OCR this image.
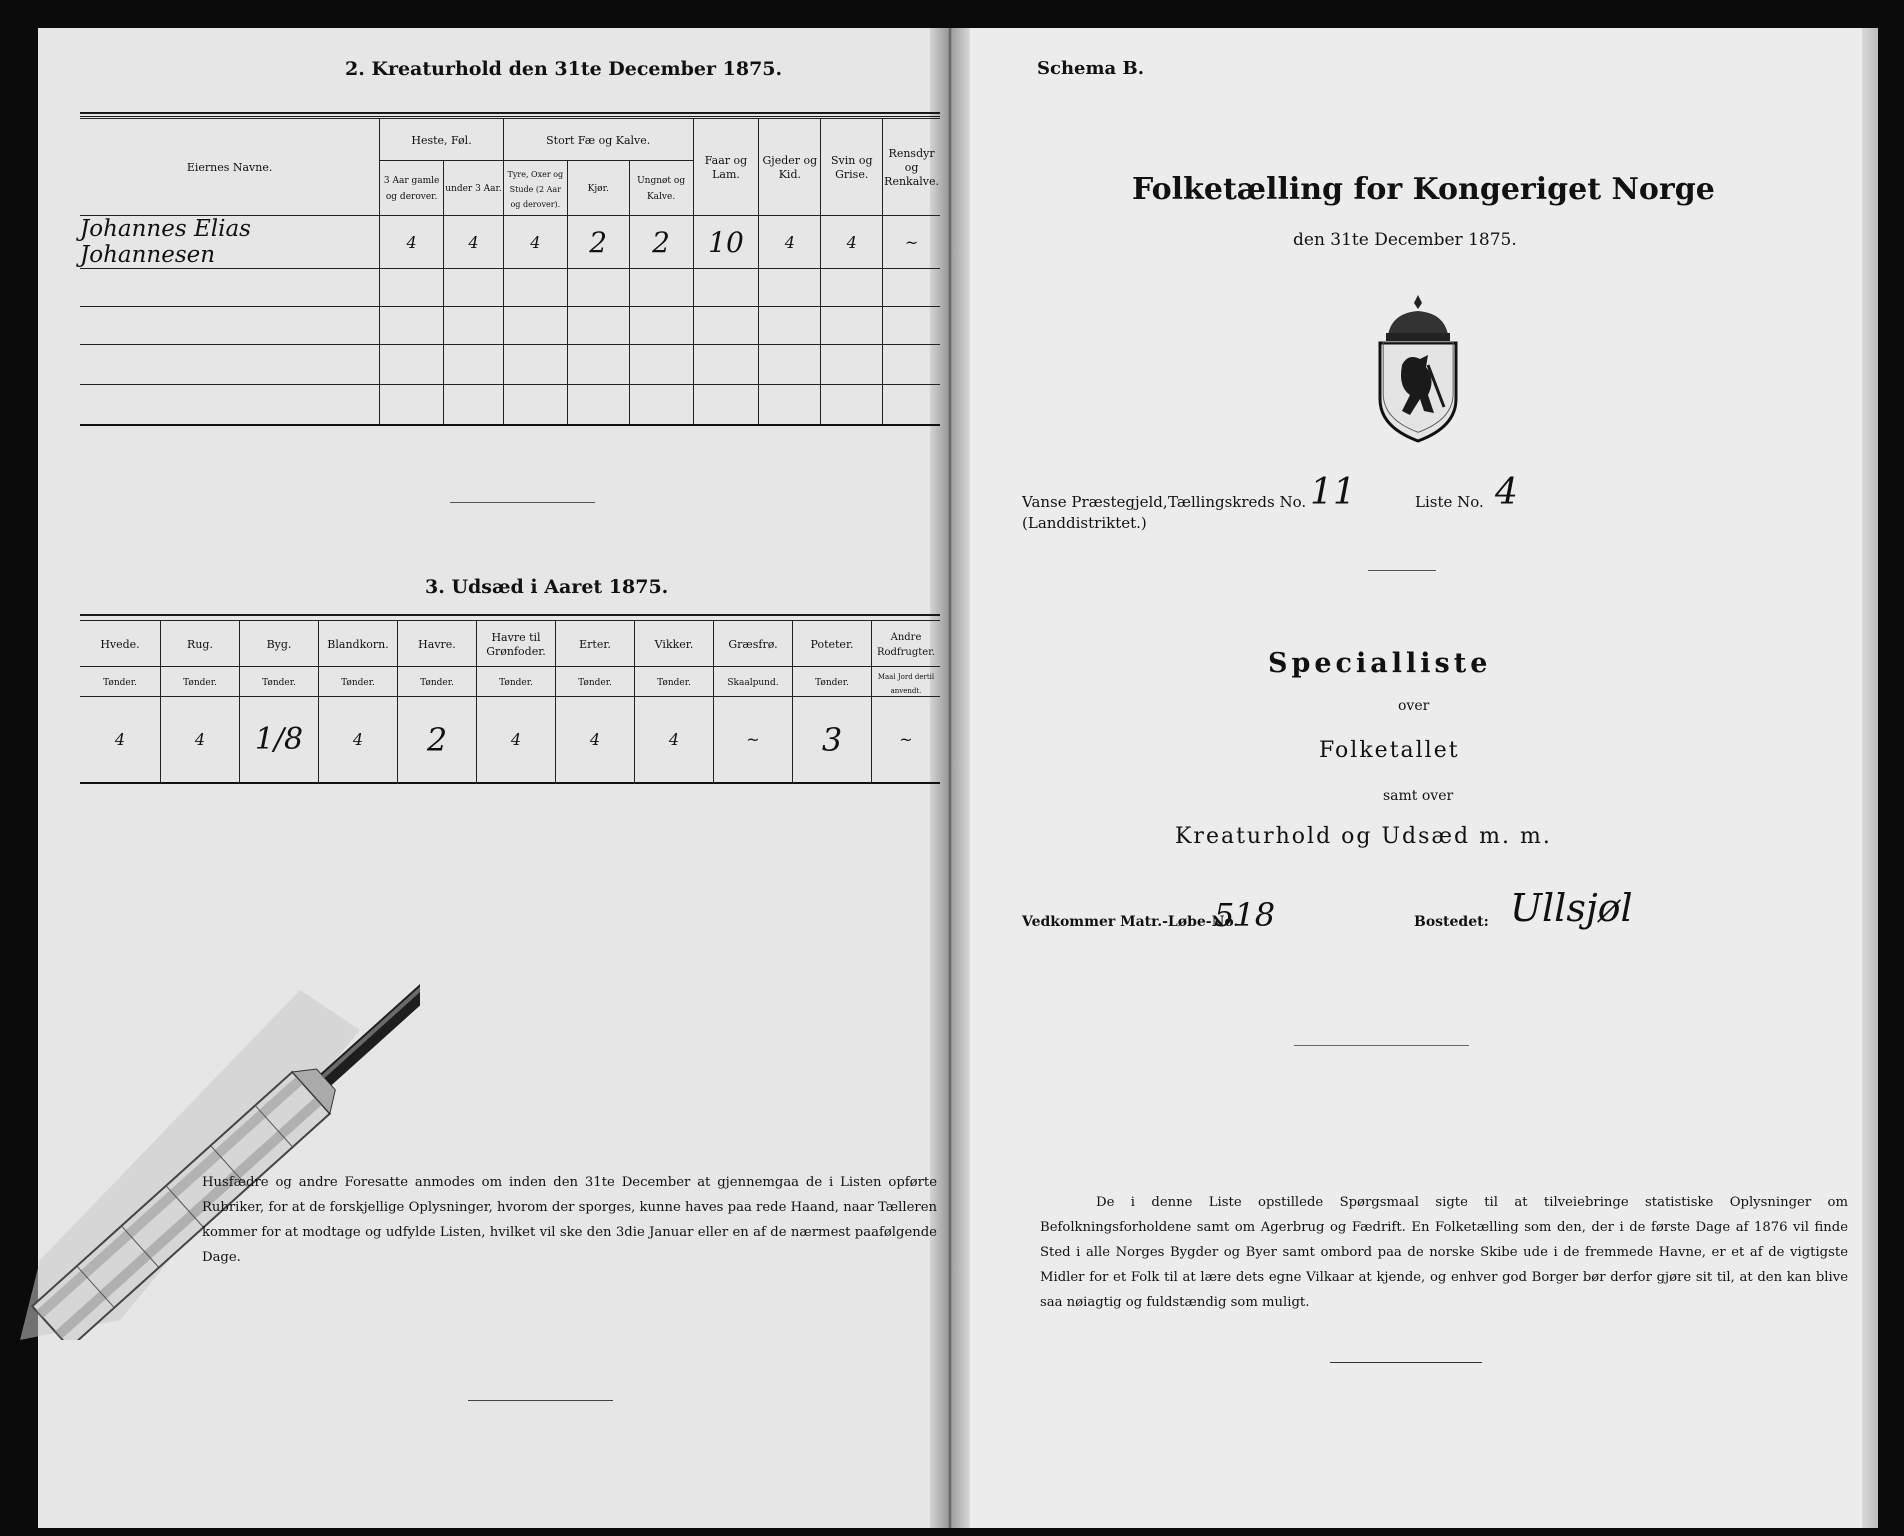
2. Kreaturhold den 31te December 1875.
Eiernes Navne.	Heste, Føl.		Stort Fæ og Kalve.			Faar og Lam.	Gjeder og Kid.	Svin og Grise.	Rensdyr og Renkalve.
	3 Aar gamle og derover.	under 3 Aar.	Tyre, Oxer og Stude (2 Aar og derover).	Kjør.	Ungnøt og Kalve.				
Johannes Elias Johannesen	4	4	4	2	2	10	4	4	~

3. Udsæd i Aaret 1875.
Hvede.	Rug.	Byg.	Blandkorn.	Havre.	Havre til Grønfoder.	Erter.	Vikker.	Græsfrø.	Poteter.	Andre Rodfrugter.
Tønder.	Tønder.	Tønder.	Tønder.	Tønder.	Tønder.	Tønder.	Tønder.	Skaalpund.	Tønder.	Maal Jord dertil anvendt.
4	4	1/8	4	2	4	4	4	~	3	~
Husfædre og andre Foresatte anmodes om inden den 31te December at gjennemgaa de i Listen opførte Rubriker, for at de forskjellige Oplysninger, hvorom der sporges, kunne haves paa rede Haand, naar Tælleren kommer for at modtage og udfylde Listen, hvilket vil ske den 3die Januar eller en af de nærmest paafølgende Dage.
Schema B.
Folketælling for Kongeriget Norge
den 31te December 1875.
Vanse Præstegjeld,
(Landdistriktet.)
Tællingskreds No. 11	Liste No. 4
Specialliste
over
Folketallet
samt over
Kreaturhold og Udsæd m. m.
Vedkommer Matr.-Løbe-No.
518	Bostedet: Ullsjøl
De i denne Liste opstillede Spørgsmaal sigte til at tilveiebringe statistiske Oplysninger om Befolkningsforholdene samt om Agerbrug og Fædrift. En Folketælling som den, der i de første Dage af 1876 vil finde Sted i alle Norges Bygder og Byer samt ombord paa de norske Skibe ude i de fremmede Havne, er et af de vigtigste Midler for et Folk til at lære dets egne Vilkaar at kjende, og enhver god Borger bør derfor gjøre sit til, at den kan blive saa nøiagtig og fuldstændig som muligt.
